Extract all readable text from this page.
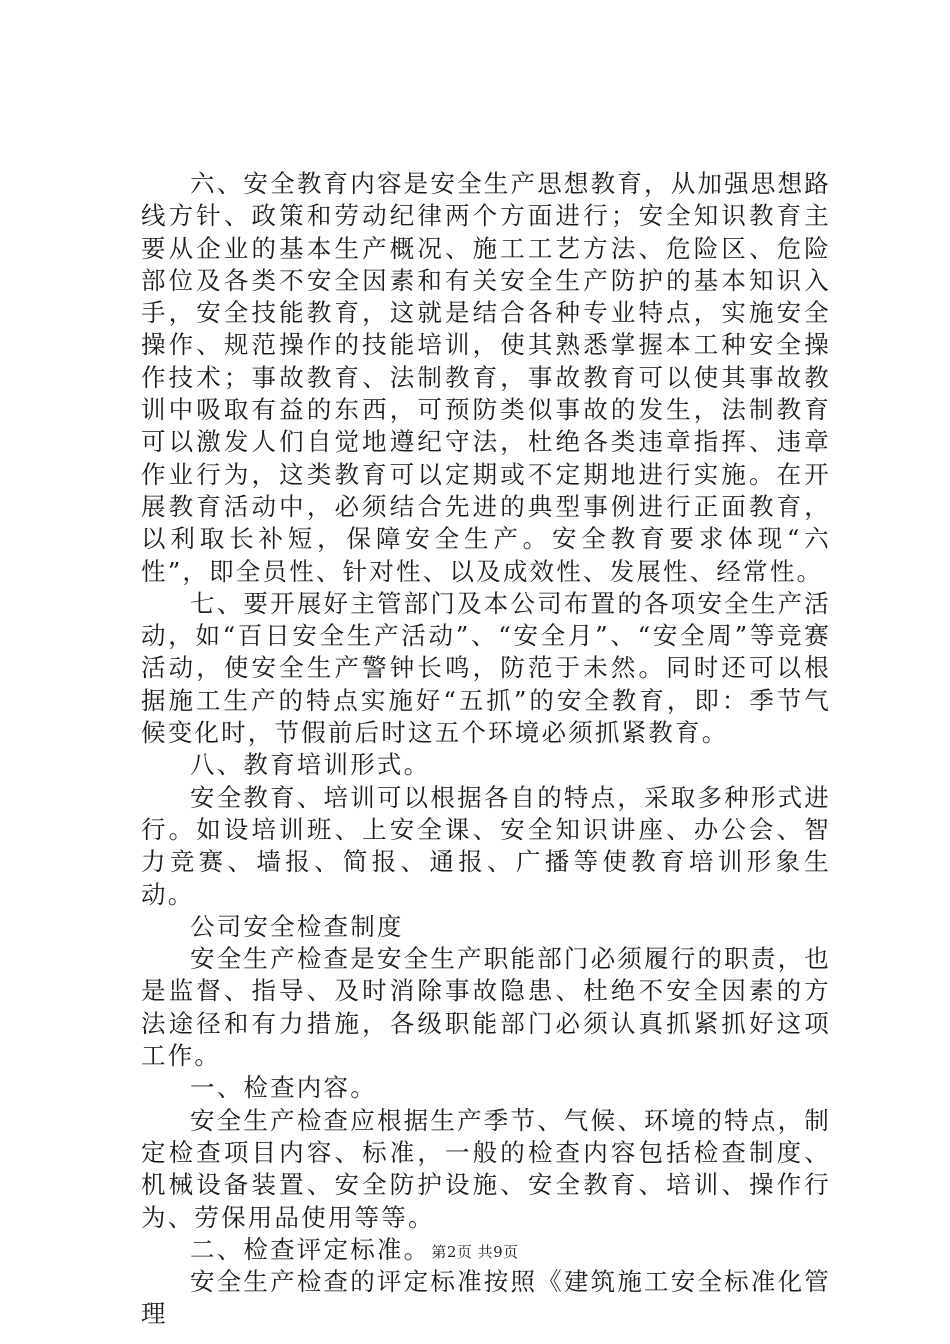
六、安全教育内容是安全生产思想教育，从加强思想路线方针、政策和劳动纪律两个方面进行；安全知识教育主要从企业的基本生产概况、施工工艺方法、危险区、危险部位及各类不安全因素和有关安全生产防护的基本知识入手，安全技能教育，这就是结合各种专业特点，实施安全操作、规范操作的技能培训，使其熟悉掌握本工种安全操作技术；事故教育、法制教育，事故教育可以使其事故教训中吸取有益的东西，可预防类似事故的发生，法制教育可以激发人们自觉地遵纪守法，杜绝各类违章指挥、违章作业行为，这类教育可以定期或不定期地进行实施。在开展教育活动中，必须结合先进的典型事例进行正面教育，以利取长补短，保障安全生产。安全教育要求体现“六性”，即全员性、针对性、以及成效性、发展性、经常性。

七、要开展好主管部门及本公司布置的各项安全生产活动，如“百日安全生产活动”、“安全月”、“安全周”等竞赛活动，使安全生产警钟长鸣，防范于未然。同时还可以根据施工生产的特点实施好“五抓”的安全教育，即：季节气候变化时，节假前后时这五个环境必须抓紧教育。

八、教育培训形式。

安全教育、培训可以根据各自的特点，采取多种形式进行。如设培训班、上安全课、安全知识讲座、办公会、智力竞赛、墙报、简报、通报、广播等使教育培训形象生动。

公司安全检查制度

安全生产检查是安全生产职能部门必须履行的职责，也是监督、指导、及时消除事故隐患、杜绝不安全因素的方法途径和有力措施，各级职能部门必须认真抓紧抓好这项工作。

一、检查内容。

安全生产检查应根据生产季节、气候、环境的特点，制定检查项目内容、标准，一般的检查内容包括检查制度、机械设备装置、安全防护设施、安全教育、培训、操作行为、劳保用品使用等等。

二、检查评定标准。

安全生产检查的评定标准按照《建筑施工安全标准化管理

第2页 共9页
